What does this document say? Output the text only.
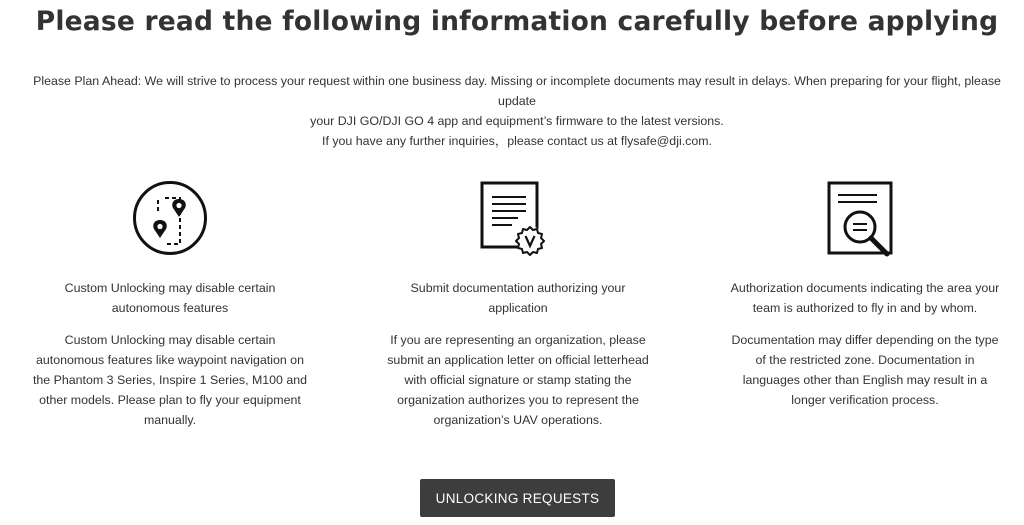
Please read the following information carefully before applying

Please Plan Ahead: We will strive to process your request within one business day. Missing or incomplete documents may result in delays. When preparing for your flight, please update

your DJI GO/DJI GO 4 app and equipment’s firmware to the latest versions.

If you have any further inquiries，please contact us at flysafe@dji.com.

Custom Unlocking may disable certain
autonomous features
Custom Unlocking may disable certain
autonomous features like waypoint navigation on
the Phantom 3 Series, Inspire 1 Series, M100 and
other models. Please plan to fly your equipment
manually.
Submit documentation authorizing your
application
If you are representing an organization, please
submit an application letter on official letterhead
with official signature or stamp stating the
organization authorizes you to represent the
organization’s UAV operations.
Authorization documents indicating the area your
team is authorized to fly in and by whom.
Documentation may differ depending on the type
of the restricted zone. Documentation in
languages other than English may result in a
longer verification process.
UNLOCKING REQUESTS
